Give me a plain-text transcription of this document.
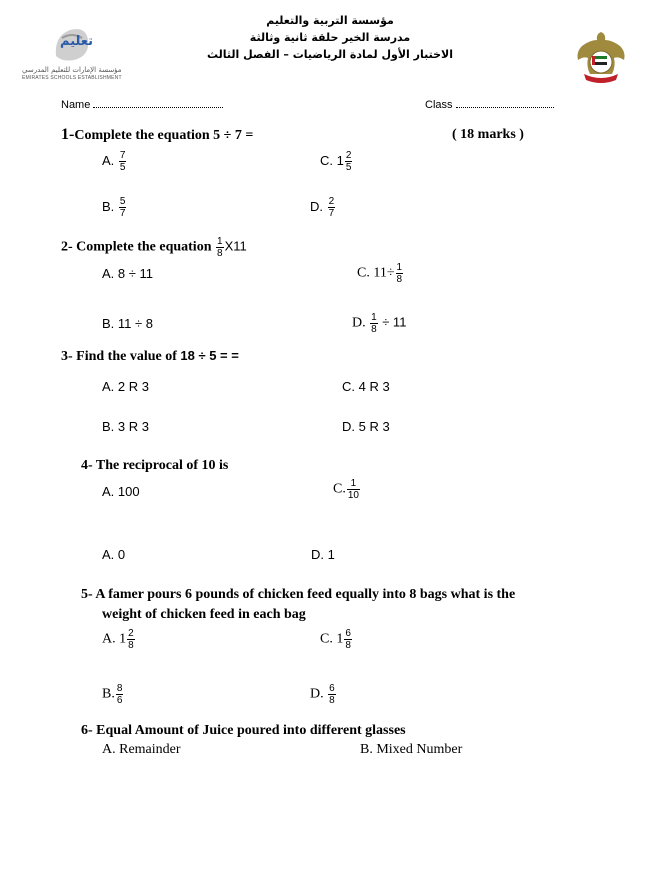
مؤسسة التربية والتعليم
مدرسة الخير حلقة ثانية وثالثة
الاختبار الأول لمادة الرياضيات – الفصل الثالث
تعليم
مؤسسة الإمارات للتعليم المدرسي
EMIRATES SCHOOLS ESTABLISHMENT
Name	Class
1-Complete the equation 5 ÷ 7 =	( 18 marks )
A. $\frac{7}{5}$	C. $1 \frac{2}{5}$
B. $\frac{5}{7}$	D. $\frac{2}{7}$
2- Complete the equation $\frac{1}{8} X11$
A. 8 ÷ 11	C. $11\div \frac{1}{8}$
B. 11 ÷ 8	D. $\frac{1}{8} \div 11$
3- Find the value of 18 ÷ 5 = =
A. 2 R 3	C. 4 R 3
B. 3 R 3	D. 5 R 3
4- The reciprocal of 10 is
A. 100	C. $\frac{1}{10}$
A. 0	D. 1
5- A famer pours 6 pounds of chicken feed equally into 8 bags what is the
weight of chicken feed in each bag
A. $1 \frac{2}{8}$	C. $1 \frac{6}{8}$
B. $\frac{8}{6}$	D. $\frac{6}{8}$
6- Equal Amount of Juice poured into different glasses
A. Remainder	B. Mixed Number
